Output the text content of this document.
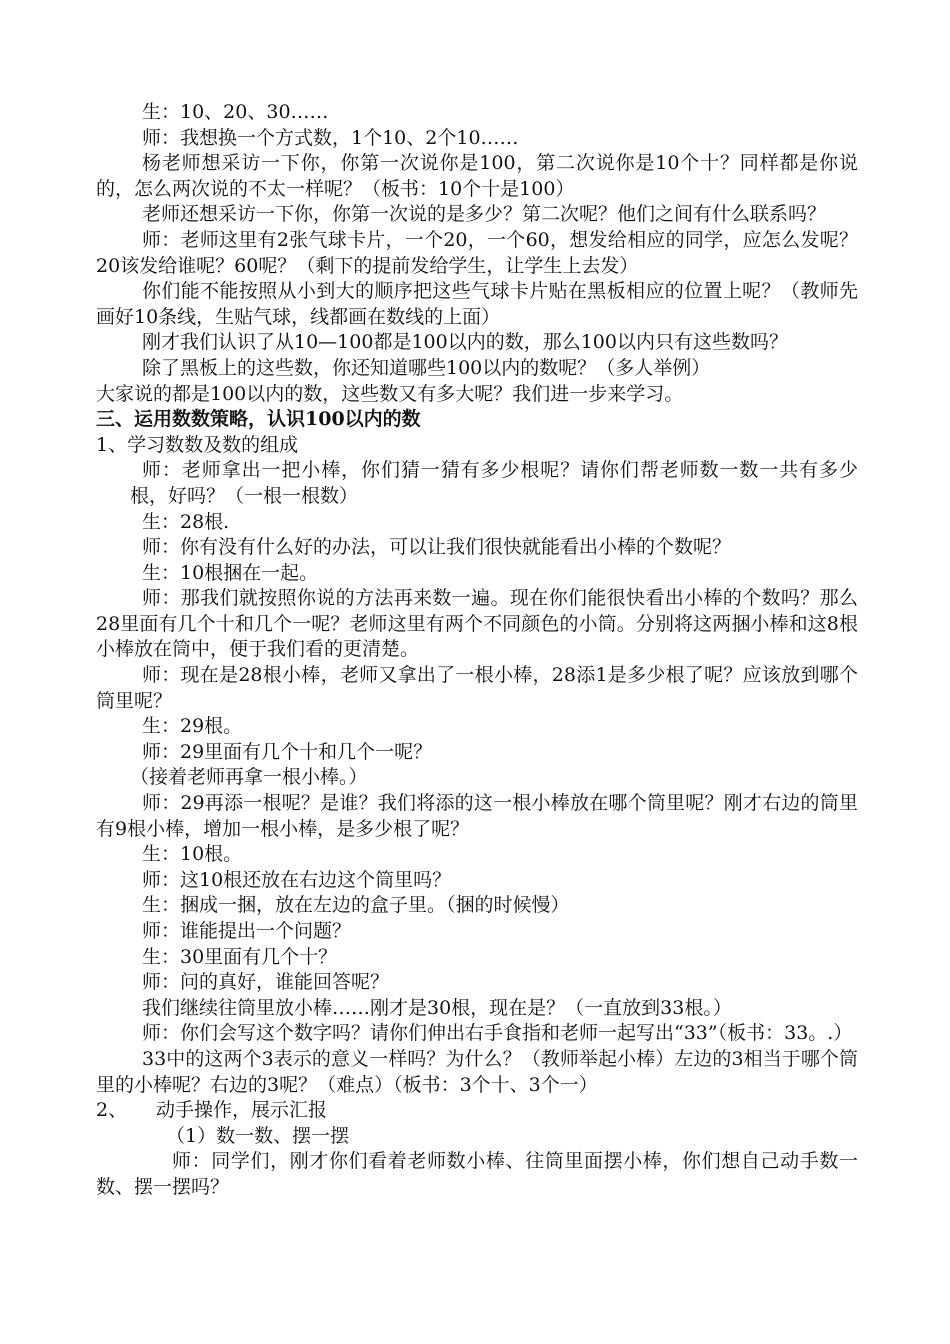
生：10、20、30……

师：我想换一个方式数，1个10、2个10……

杨老师想采访一下你，你第一次说你是100，第二次说你是10个十？同样都是你说的，怎么两次说的不太一样呢？（板书：10个十是100）

老师还想采访一下你，你第一次说的是多少？第二次呢？他们之间有什么联系吗？

师：老师这里有2张气球卡片，一个20，一个60，想发给相应的同学，应怎么发呢？20该发给谁呢？60呢？（剩下的提前发给学生，让学生上去发）

你们能不能按照从小到大的顺序把这些气球卡片贴在黑板相应的位置上呢？（教师先画好10条线，生贴气球，线都画在数线的上面）

刚才我们认识了从10—100都是100以内的数，那么100以内只有这些数吗？

除了黑板上的这些数，你还知道哪些100以内的数呢？（多人举例）

大家说的都是100以内的数，这些数又有多大呢？我们进一步来学习。

三、运用数数策略，认识100以内的数

1、学习数数及数的组成

师：老师拿出一把小棒，你们猜一猜有多少根呢？请你们帮老师数一数一共有多少根，好吗？（一根一根数）

生：28根.

师：你有没有什么好的办法，可以让我们很快就能看出小棒的个数呢？

生：10根捆在一起。

师：那我们就按照你说的方法再来数一遍。现在你们能很快看出小棒的个数吗？那么28里面有几个十和几个一呢？老师这里有两个不同颜色的小筒。分别将这两捆小棒和这8根小棒放在筒中，便于我们看的更清楚。

师：现在是28根小棒，老师又拿出了一根小棒，28添1是多少根了呢？应该放到哪个筒里呢？

生：29根。

师：29里面有几个十和几个一呢？

（接着老师再拿一根小棒。）

师：29再添一根呢？是谁？我们将添的这一根小棒放在哪个筒里呢？刚才右边的筒里有9根小棒，增加一根小棒，是多少根了呢？

生：10根。

师：这10根还放在右边这个筒里吗？

生：捆成一捆，放在左边的盒子里。（捆的时候慢）

师：谁能提出一个问题？

生：30里面有几个十？

师：问的真好，谁能回答呢？

我们继续往筒里放小棒……刚才是30根，现在是？（一直放到33根。）

师：你们会写这个数字吗？请你们伸出右手食指和老师一起写出“33”（板书：33。.）

33中的这两个3表示的意义一样吗？为什么？（教师举起小棒）左边的3相当于哪个筒里的小棒呢？右边的3呢？（难点）（板书：3个十、3个一）

2、 动手操作，展示汇报

（1）数一数、摆一摆

师：同学们，刚才你们看着老师数小棒、往筒里面摆小棒，你们想自己动手数一数、摆一摆吗？
